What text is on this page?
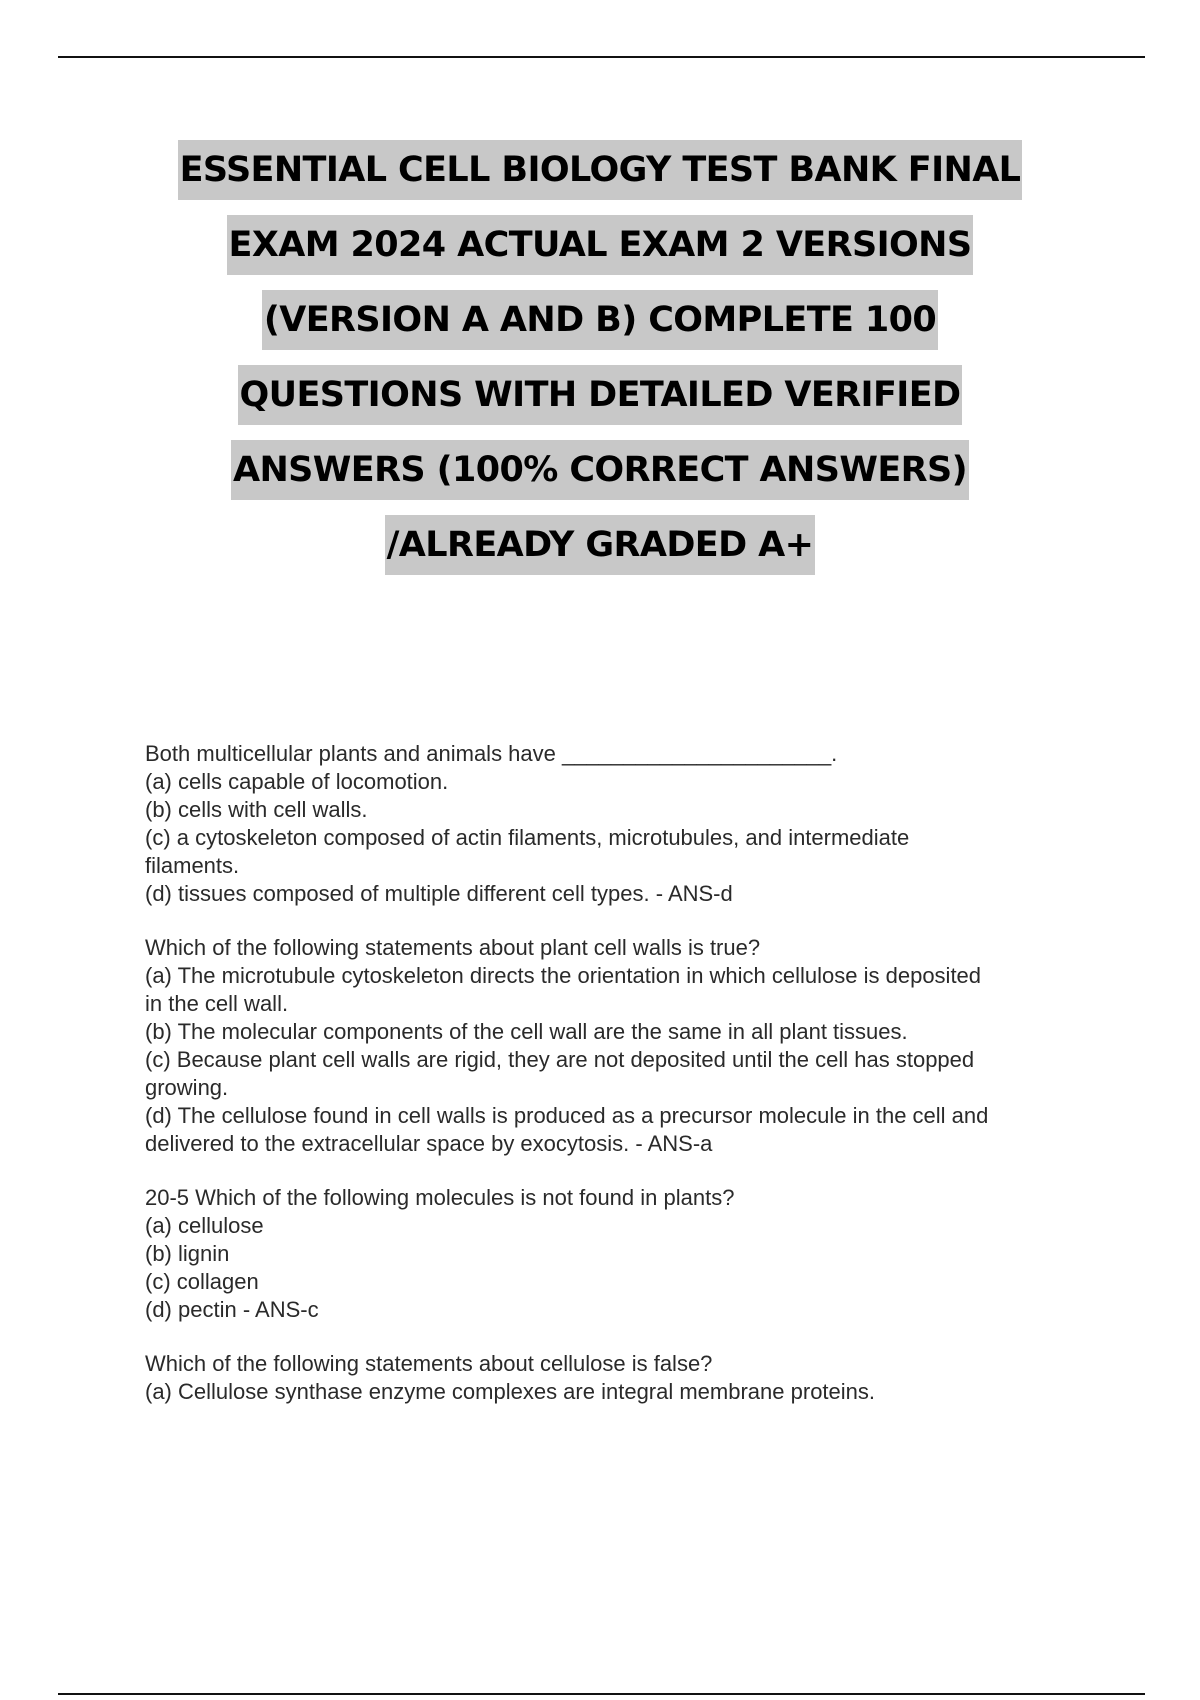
ESSENTIAL CELL BIOLOGY TEST BANK FINAL
EXAM 2024 ACTUAL EXAM 2 VERSIONS
(VERSION A AND B) COMPLETE 100
QUESTIONS WITH DETAILED VERIFIED
ANSWERS (100% CORRECT ANSWERS)
/ALREADY GRADED A+

Both multicellular plants and animals have ______________________.

(a) cells capable of locomotion.

(b) cells with cell walls.

(c) a cytoskeleton composed of actin filaments, microtubules, and intermediate

filaments.

(d) tissues composed of multiple different cell types. - ANS-d

Which of the following statements about plant cell walls is true?

(a) The microtubule cytoskeleton directs the orientation in which cellulose is deposited

in the cell wall.

(b) The molecular components of the cell wall are the same in all plant tissues.

(c) Because plant cell walls are rigid, they are not deposited until the cell has stopped

growing.

(d) The cellulose found in cell walls is produced as a precursor molecule in the cell and

delivered to the extracellular space by exocytosis. - ANS-a

20-5 Which of the following molecules is not found in plants?

(a) cellulose

(b) lignin

(c) collagen

(d) pectin - ANS-c

Which of the following statements about cellulose is false?

(a) Cellulose synthase enzyme complexes are integral membrane proteins.
